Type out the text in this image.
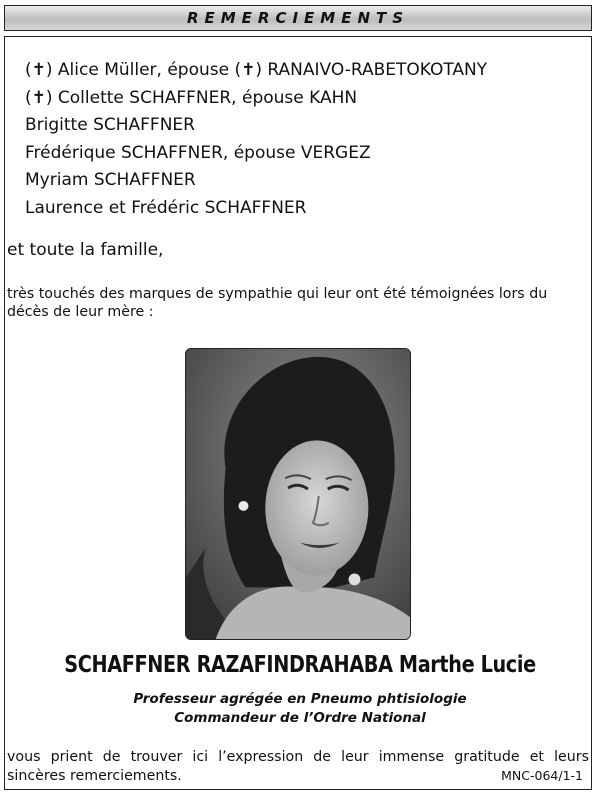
REMERCIEMENTS
(✝) Alice Müller, épouse (✝) RANAIVO-RABETOKOTANY
(✝) Collette SCHAFFNER, épouse KAHN
Brigitte SCHAFFNER
Frédérique SCHAFFNER, épouse VERGEZ
Myriam SCHAFFNER
Laurence et Frédéric SCHAFFNER
et toute la famille,
très touchés des marques de sympathie qui leur ont été témoignées lors du décès de leur mère :
SCHAFFNER RAZAFINDRAHABA Marthe Lucie
Professeur agrégée en Pneumo phtisiologie
Commandeur de l’Ordre National
vous prient de trouver ici l’expression de leur immense gratitude et leurs sincères remerciements.	MNC-064/1-1
